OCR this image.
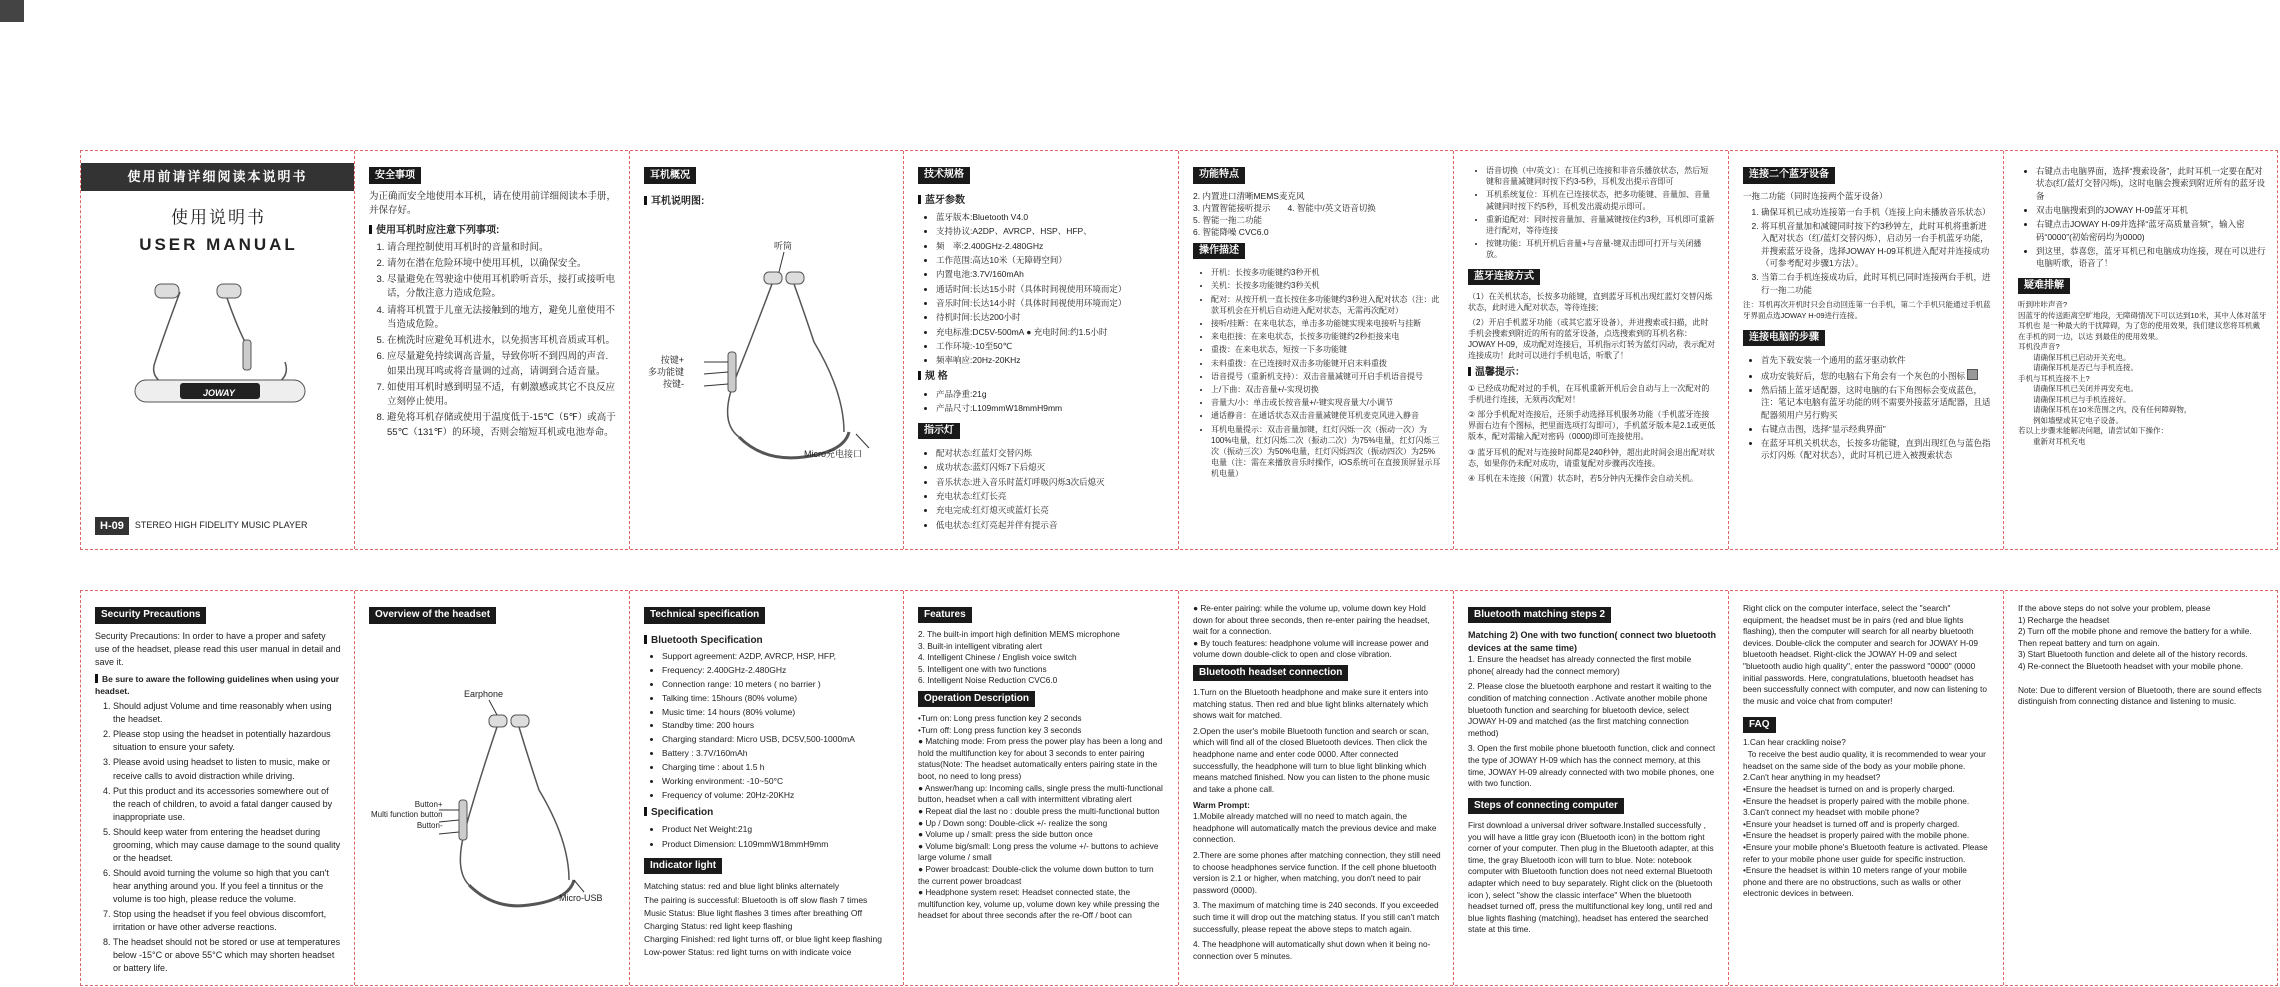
使用前请详细阅读本说明书
使用说明书
USER MANUAL
JOWAY
H-09	STEREO HIGH FIDELITY MUSIC PLAYER
安全事项
为正确而安全地使用本耳机，请在使用前详细阅读本手册，并保存好。
使用耳机时应注意下列事项:
1. 请合理控制使用耳机时的音量和时间。
2. 请勿在潜在危险环境中使用耳机，以确保安全。
3. 尽量避免在驾驶途中使用耳机聆听音乐，接打或接听电话，分散注意力造成危险。
4. 请将耳机置于儿童无法接触到的地方，避免儿童使用不当造成危险。
5. 在梳洗时应避免耳机进水，以免损害耳机音质或耳机。
6. 应尽量避免持续调高音量，导致你听不到四周的声音.如果出现耳鸣或将音量调的过高，请调到合适音量。
7. 如使用耳机时感到明显不适，有刺激感或其它不良反应立刻停止使用。
8. 避免将耳机存储或使用于温度低于-15℃（5℉）或高于55℃（131℉）的环境，否则会缩短耳机或电池寿命。
耳机概况
耳机说明图:
听筒
按键+
多功能键
按键-
Micro充电接口
技术规格
蓝牙参数
• 蓝牙版本:Bluetooth V4.0
• 支持协议:A2DP、AVRCP、HSP、HFP、
• 频　率:2.400GHz-2.480GHz
• 工作范围:高达10米（无障碍空间）
• 内置电池:3.7V/160mAh
• 通话时间:长达15小时（具体时间视使用环境而定）
• 音乐时间:长达14小时（具体时间视使用环境而定）
• 待机时间:长达200小时
• 充电标准:DC5V-500mA ● 充电时间:约1.5小时
• 工作环境:-10至50℃
• 频率响应:20Hz-20KHz
规 格
• 产品净重:21g
• 产品尺寸:L109mmW18mmH9mm
指示灯
• 配对状态:红蓝灯交替闪烁
• 成功状态:蓝灯闪烁7下后熄灭
• 音乐状态:进入音乐时蓝灯呼吸闪烁3次后熄灭
• 充电状态:红灯长亮
• 充电完成:红灯熄灭或蓝灯长亮
• 低电状态:红灯亮起并伴有提示音
功能特点
2. 内置进口清晰MEMS麦克风
3. 内置智能接听提示　　4. 智能中/英文语音切换
5. 智能一拖二功能
6. 智能降噪 CVC6.0
操作描述
• 开机：长按多功能键约3秒开机
• 关机：长按多功能键约3秒关机
• 配对：从按开机一直长按住多功能键约3秒进入配对状态（注：此款耳机会在开机后自动进入配对状态，无需再次配对）
• 接听/挂断：在来电状态，单击多功能键实现来电接听与挂断
• 来电拒接：在来电状态，长按多功能键约2秒拒接来电
• 重拨：在来电状态，短按一下多功能键
• 未料重拨：在已连接时双击多功能键开启末料重拨
• 语音提号（重新机支持）：双击音量减键可开启手机语音提号
• 上/下曲：双击音量+/-实现切换
• 音量大/小：单击或长按音量+/-键实现音量大/小调节
• 通话静音：在通话状态双击音量减键使耳机麦克风进入静音
• 耳机电量提示：双击音量加键，红灯闪烁一次（振动一次）为100%电量，红灯闪烁二次（振动二次）为75%电量，红灯闪烁三次（振动三次）为50%电量，红灯闪烁四次（振动四次）为25%电量（注：需在来播放音乐时操作，iOS系统可在直接顶屏显示耳机电量）
• 语音切换（中/英文）：在耳机已连接和非音乐播放状态，然后短键和音量减键同时按下约3-5秒，耳机发出提示音即可
• 耳机系统复位：耳机在已连接状态，把多功能键、音量加、音量减键同时按下约5秒，耳机发出震动提示即可。
• 重新追配对：同时按音量加、音量减键按住约3秒，耳机即可重新进行配对，等待连接
• 按键功能：耳机开机后音量+与音量-键双击即可打开与关闭播放。
蓝牙连接方式
（1）在关机状态，长按多功能键，直到蓝牙耳机出现红蓝灯交替闪烁状态，此时进入配对状态，等待连接;
（2）开启手机蓝牙功能（或其它蓝牙设备），并进搜索或扫描，此时手机会搜索到附近的所有的蓝牙设备，点选搜索到的耳机名称：JOWAY H-09，成功配对连接后，耳机指示灯转为蓝灯闪动，表示配对连接成功！此时可以进行手机电话，听歌了！
温馨提示：
① 已经成功配对过的手机，在耳机重新开机后会自动与上一次配对的手机进行连接，无须再次配对！
② 部分手机配对连接后，还须手动选择耳机服务功能（手机蓝牙连接界面右边有个图标，把里面选项打勾即可），手机蓝牙版本是2.1或更低版本，配对需输入配对密码（0000)即可连接使用。
③ 蓝牙耳机的配对与连接时间都是240秒钟，超出此时间会退出配对状态，如果你仍未配对成功，请重复配对步骤再次连接。
④ 耳机在未连接（闲置）状态时，若5分钟内无操作会自动关机。
连接二个蓝牙设备
一拖二功能（同时连接两个蓝牙设备）
1. 确保耳机已成功连接第一台手机（连接上向未播放音乐状态）
2. 将耳机音量加和减键同时按下约3秒钟左，此时耳机将重新进入配对状态（红/蓝灯交替闪烁），启动另一台手机蓝牙功能，并搜索蓝牙设备，选择JOWAY H-09耳机进入配对并连接成功（可参考配对步骤1方法）。
3. 当第二台手机连接成功后，此时耳机已同时连接两台手机，进行一拖二功能
注：耳机再次开机时只会自动回连第一台手机，第二个手机只能通过手机蓝牙界面点选JOWAY H-09进行连接。
连接电脑的步骤
• 首先下载安装一个通用的蓝牙驱动软件
• 成功安装好后，您的电脑右下角会有一个灰色的小图标
• 然后插上蓝牙适配器，这时电脑的右下角图标会变成蓝色，注：笔记本电脑有蓝牙功能的则不需要外接蓝牙适配器，且适配器须用户另行购买
• 右键点击图，选择“显示经典界面”
• 在蓝牙耳机关机状态，长按多功能键，直到出现红色与蓝色指示灯闪烁（配对状态），此时耳机已进入被搜索状态
• 右键点击电脑界面，选择“搜索设备”，此时耳机一定要在配对状态(红/蓝灯交替闪烁)，这时电脑会搜索到附近所有的蓝牙设备
• 双击电脑搜索到的JOWAY H-09蓝牙耳机
• 右键点击JOWAY H-09并选择“蓝牙高质量音频”，输入密码“0000”(初始密码均为0000)
• 到这里，恭喜您，蓝牙耳机已和电脑成功连接，现在可以进行电脑听歌，语音了！
疑难排解
听到咔咔声音?
因蓝牙的传送距离空旷地段，无障碍情况下可以达到10米，其中人体对蓝牙耳机也 是一种最大的干扰障碍，为了您的使用效果，我们建议您将耳机戴在手机的同一边，以达 到最佳的使用效果。
耳机没声音?
　　请确保耳机已启动开关充电。
　　请确保耳机是否已与手机连接。
手机与耳机连接不上?
　　请确保耳机已关闭并再安充电。
　　请确保耳机已与手机连接好。
　　请确保耳机在10米范围之内，没有任何障碍物，
　　例如墙壁或其它电子设备。
若以上步骤未能解决问题，请尝试如下操作：
　　重新对耳机充电
Security Precautions
Security Precautions: In order to have a proper and safety use of the headset, please read this user manual in detail and save it.
Be sure to aware the following guidelines when using your headset.
1. Should adjust Volume and time reasonably when using the headset.
2. Please stop using the headset in potentially hazardous situation to ensure your safety.
3. Please avoid using headset to listen to music, make or receive calls to avoid distraction while driving.
4. Put this product and its accessories somewhere out of the reach of children, to avoid a fatal danger caused by inappropriate use.
5. Should keep water from entering the headset during grooming, which may cause damage to the sound quality or the headset.
6. Should avoid turning the volume so high that you can't hear anything around you. If you feel a tinnitus or the volume is too high, please reduce the volume.
7. Stop using the headset if you feel obvious discomfort, irritation or have other adverse reactions.
8. The headset should not be stored or use at temperatures below -15°C or above 55°C which may shorten headset or battery life.
Overview of the headset
Earphone
Button+
Multi function button
Button-
Micro-USB
Technical specification
Bluetooth Specification
• Support agreement: A2DP, AVRCP, HSP, HFP,
• Frequency: 2.400GHz-2.480GHz
• Connection range: 10 meters ( no barrier )
• Talking time: 15hours (80% volume)
• Music time: 14 hours (80% volume)
• Standby time: 200 hours
• Charging standard: Micro USB, DC5V,500-1000mA
• Battery : 3.7V/160mAh
• Charging time : about 1.5 h
• Working environment: -10~50°C
• Frequency of volume: 20Hz-20KHz
Specification
• Product Net Weight:21g
• Product Dimension: L109mmW18mmH9mm
Indicator light
Matching status: red and blue light blinks alternately
The pairing is successful: Bluetooth is off slow flash 7 times
Music Status: Blue light flashes 3 times after breathing Off
Charging Status: red light keep flashing
Charging Finished: red light turns off, or blue light keep flashing
Low-power Status: red light turns on with indicate voice
Features
2. The built-in import high definition MEMS microphone
3. Built-in intelligent vibrating alert
4. Intelligent Chinese / English voice switch
5. Intelligent one with two functions
6. Intelligent Noise Reduction CVC6.0
Operation Description
•Turn on: Long press function key 2 seconds
•Turn off: Long press function key 3 seconds
● Matching mode: From press the power play has been a long and hold the multifunction key for about 3 seconds to enter pairing status(Note: The headset automatically enters pairing state in the boot, no need to long press)
● Answer/hang up: Incoming calls, single press the multi-functional button, headset when a call with intermittent vibrating alert
● Repeat dial the last no : double press the multi-functional button
● Up / Down song: Double-click +/- realize the song
● Volume up / small: press the side button once
● Volume big/small: Long press the volume +/- buttons to achieve large volume / small
● Power broadcast: Double-click the volume down button to turn the current power broadcast
● Headphone system reset: Headset connected state, the multifunction key, volume up, volume down key while pressing the headset for about three seconds after the re-Off / boot can
● Re-enter pairing: while the volume up, volume down key Hold down for about three seconds, then re-enter pairing the headset, wait for a connection.
● By touch features: headphone volume will increase power and volume down double-click to open and close vibration.
Bluetooth headset connection
1.Turn on the Bluetooth headphone and make sure it enters into matching status. Then red and blue light blinks alternately which shows wait for matched.
2.Open the user's mobile Bluetooth function and search or scan, which will find all of the closed Bluetooth devices. Then click the headphone name and enter code 0000. After connected successfully, the headphone will turn to blue light blinking which means matched finished. Now you can listen to the phone music and take a phone call.
Warm Prompt:
1.Mobile already matched will no need to match again, the headphone will automatically match the previous device and make connection.
2.There are some phones after matching connection, they still need to choose headphones service function. If the cell phone bluetooth version is 2.1 or higher, when matching, you don't need to pair password (0000).
3. The maximum of matching time is 240 seconds. If you exceeded such time it will drop out the matching status. If you still can't match successfully, please repeat the above steps to match again.
4. The headphone will automatically shut down when it being no-connection over 5 minutes.
Bluetooth matching steps 2
Matching 2) One with two function( connect two bluetooth devices at the same time)
1. Ensure the headset has already connected the first mobile phone( already had the connect memory)
2. Please close the bluetooth earphone and restart it waiting to the condition of matching connection . Activate another mobile phone bluetooth function and searching for bluetooth device, select JOWAY H-09 and matched (as the first matching connection method)
3. Open the first mobile phone bluetooth function, click and connect the type of JOWAY H-09 which has the connect memory, at this time, JOWAY H-09 already connected with two mobile phones, one with two function.
Steps of connecting computer
First download a universal driver software.Installed successfully , you will have a little gray icon (Bluetooth icon) in the bottom right corner of your computer. Then plug in the Bluetooth adapter, at this time, the gray Bluetooth icon will turn to blue. Note: notebook computer with Bluetooth function does not need external Bluetooth adapter which need to buy separately. Right click on the (bluetooth icon ), select "show the classic interface" When the bluetooth headset turned off, press the multifunctional key long, until red and blue lights flashing (matching), headset has entered the searched state at this time.
Right click on the computer interface, select the "search" equipment, the headset must be in pairs (red and blue lights flashing), then the computer will search for all nearby bluetooth devices. Double-click the computer and search for JOWAY H-09 bluetooth headset. Right-click the JOWAY H-09 and select "bluetooth audio high quality", enter the password "0000" (0000 initial passwords. Here, congratulations, bluetooth headset has been successfully connect with computer, and now can listening to the music and voice chat from computer!
FAQ
1.Can hear crackling noise?
To receive the best audio quality, it is recommended to wear your headset on the same side of the body as your mobile phone.
2.Can't hear anything in my headset?
•Ensure the headset is turned on and is properly charged.
•Ensure the headset is properly paired with the mobile phone.
3.Can't connect my headset with mobile phone?
•Ensure your headset is turned off and is properly charged.
•Ensure the headset is properly paired with the mobile phone.
•Ensure your mobile phone's Bluetooth feature is activated. Please refer to your mobile phone user guide for specific instruction.
•Ensure the headset is within 10 meters range of your mobile phone and there are no obstructions, such as walls or other electronic devices in between.
If the above steps do not solve your problem, please
1) Recharge the headset
2) Turn off the mobile phone and remove the battery for a while. Then repeat battery and turn on again.
3) Start Bluetooth function and delete all of the history records.
4) Re-connect the Bluetooth headset with your mobile phone.
Note: Due to different version of Bluetooth, there are sound effects distinguish from connecting distance and listening to music.
